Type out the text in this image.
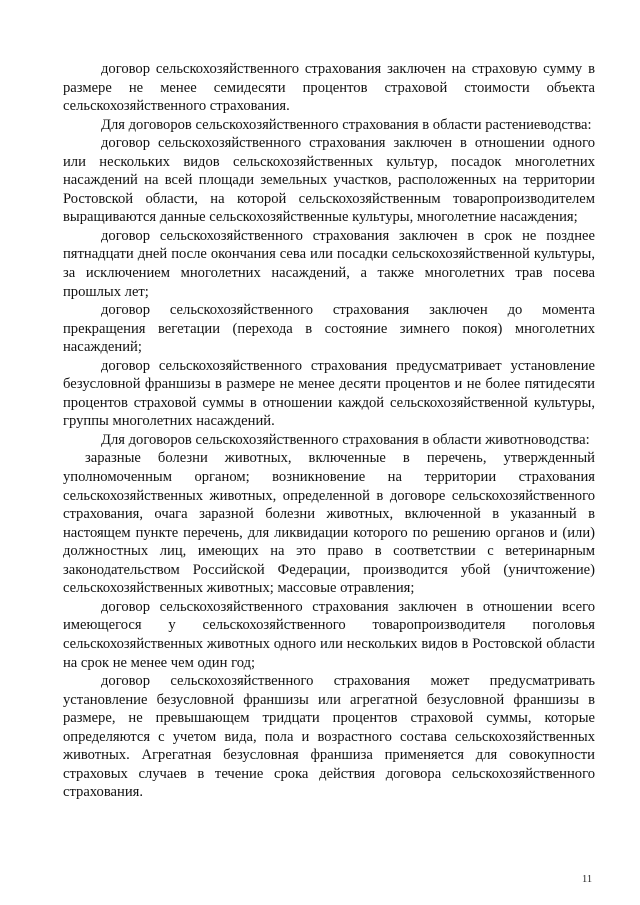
договор сельскохозяйственного страхования заключен на страховую сумму в размере не менее семидесяти процентов страховой стоимости объекта сельскохозяйственного страхования.

Для договоров сельскохозяйственного страхования в области растениеводства:

договор сельскохозяйственного страхования заключен в отношении одного или нескольких видов сельскохозяйственных культур, посадок многолетних насаждений на всей площади земельных участков, расположенных на территории Ростовской области, на которой сельскохозяйственным товаропроизводителем выращиваются данные сельскохозяйственные культуры, многолетние насаждения;

договор сельскохозяйственного страхования заключен в срок не позднее пятнадцати дней после окончания сева или посадки сельскохозяйственной культуры, за исключением многолетних насаждений, а также многолетних трав посева прошлых лет;

договор сельскохозяйственного страхования заключен до момента прекращения вегетации (перехода в состояние зимнего покоя) многолетних насаждений;

договор сельскохозяйственного страхования предусматривает установление безусловной франшизы в размере не менее десяти процентов и не более пятидесяти процентов страховой суммы в отношении каждой сельскохозяйственной культуры, группы многолетних насаждений.

Для договоров сельскохозяйственного страхования в области животноводства:

заразные болезни животных, включенные в перечень, утвержденный уполномоченным органом; возникновение на территории страхования сельскохозяйственных животных, определенной в договоре сельскохозяйственного страхования, очага заразной болезни животных, включенной в указанный в настоящем пункте перечень, для ликвидации которого по решению органов и (или) должностных лиц, имеющих на это право в соответствии с ветеринарным законодательством Российской Федерации, производится убой (уничтожение) сельскохозяйственных животных; массовые отравления;

договор сельскохозяйственного страхования заключен в отношении всего имеющегося у сельскохозяйственного товаропроизводителя поголовья сельскохозяйственных животных одного или нескольких видов в Ростовской области на срок не менее чем один год;

договор сельскохозяйственного страхования может предусматривать установление безусловной франшизы или агрегатной безусловной франшизы в размере, не превышающем тридцати процентов страховой суммы, которые определяются с учетом вида, пола и возрастного состава сельскохозяйственных животных. Агрегатная безусловная франшиза применяется для совокупности страховых случаев в течение срока действия договора сельскохозяйственного страхования.

11
